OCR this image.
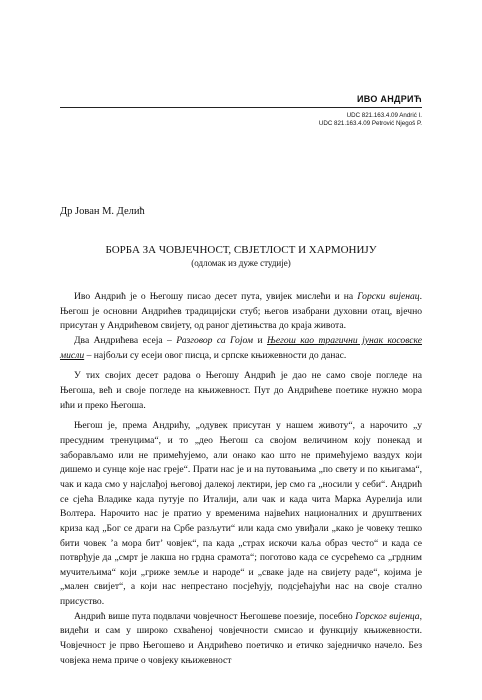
ИВО АНДРИЋ
UDC 821.163.4.09 Andrić I.
UDC 821.163.4.09 Petrović Njegoš P.
Др Јован М. Делић
БОРБА ЗА ЧОВЈЕЧНОСТ, СВЈЕТЛОСТ И ХАРМОНИЈУ
(одломак из дуже студије)

Иво Андрић је о Његошу писао десет пута, увијек мислећи и на Горски вијенац. Његош је основни Андрићев традицијски стуб; његов изабрани духовни отац, вјечно присутан у Андрићевом свијету, од раног дјетињства до краја живота.

Два Андрићева есеја – Разговор са Гојом и Његош као трагични јунак косовске мисли – најбољи су есеји овог писца, и српске књижевности до данас.

У тих својих десет радова о Његошу Андрић је дао не само своје погледе на Његоша, већ и своје погледе на књижевност. Пут до Андрићеве поетике нужно мора ићи и преко Његоша.

Његош је, према Андрићу, „одувек присутан у нашем животу“, а нарочито „у пресудним тренуцима“, и то „део Његош са својом величином коју понекад и заборављамо или не примећујемо, али онако као што не примећујемо ваздух који дишемо и сунце које нас греје“. Прати нас је и на путовањима „по свету и по књигама“, чак и када смо у најслађој његовој далекој лектири, јер смо га „носили у себи“. Андрић се сјећа Владике када путује по Италији, али чак и када чита Марка Аурелија или Волтера. Нарочито нас је пратио у временима највећих националних и друштвених криза кад „Бог се драги на Србе разљути“ или када смо увиђали „како је човеку тешко бити човек ’а мора бит’ човјек“, па када „страх искочи каља образ често“ и када се потврђује да „смрт је лакша но грдна срамота“; поготово када се сусрећемо са „грдним мучитељима“ који „гриже земље и народе“ и „сваке јаде на свијету раде“, којима је „мален свијет“, а који нас непрестано посјећују, подсјећајући нас на своје стално присуство.

Андрић више пута подвлачи човјечност Његошеве поезије, посебно Горског вијенца, видећи и сам у широко схваћеној човјечности смисао и функцију књижевности. Човјечност је прво Његошево и Андрићево поетичко и етичко заједничко начело. Без човјека нема приче о човјеку књижевност
